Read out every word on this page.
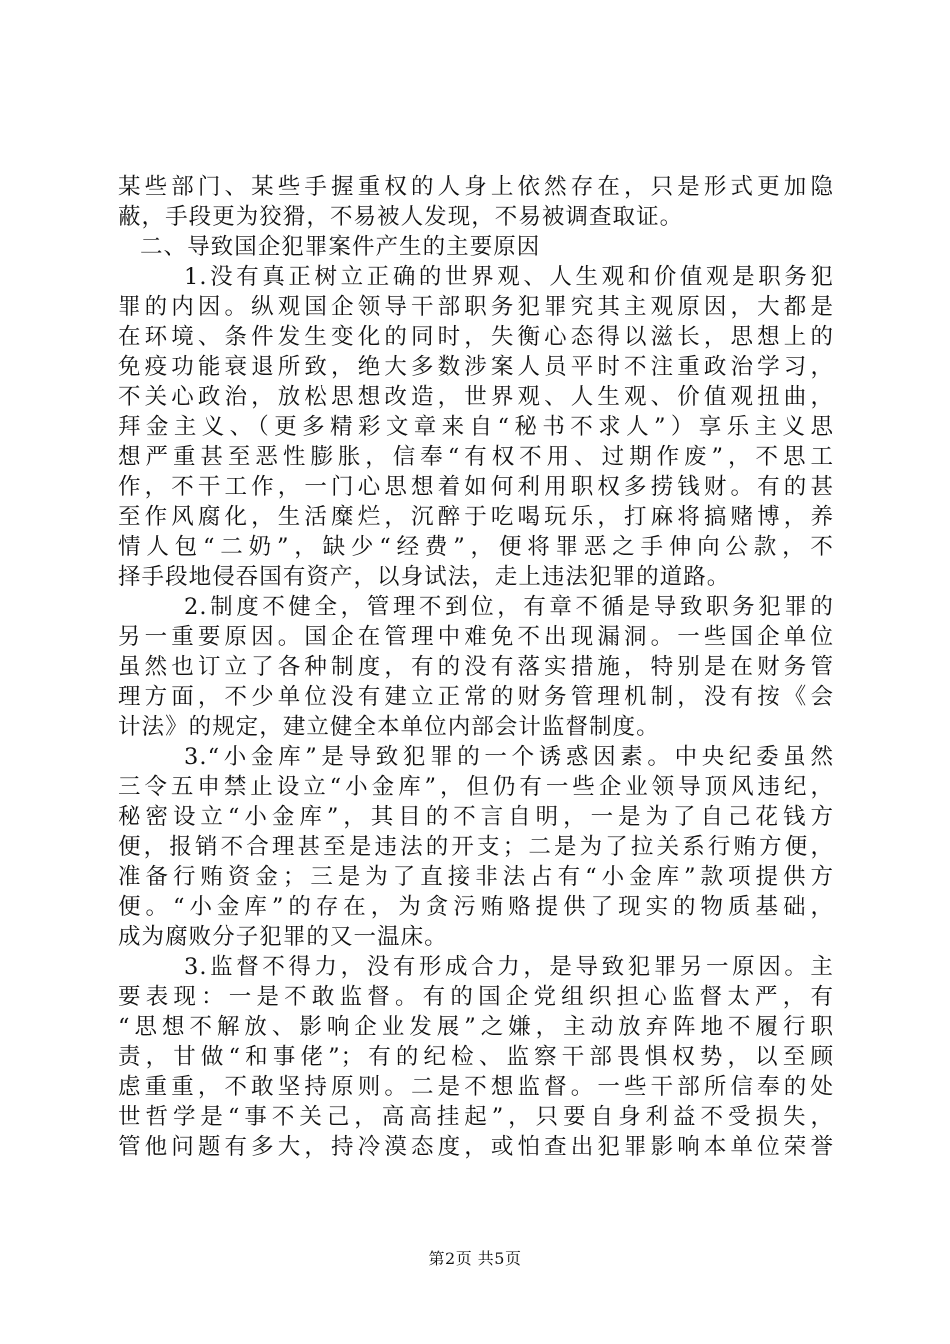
某些部门、某些手握重权的人身上依然存在，只是形式更加隐
蔽，手段更为狡猾，不易被人发现，不易被调查取证。
二、导致国企犯罪案件产生的主要原因
1.没有真正树立正确的世界观、人生观和价值观是职务犯
罪的内因。纵观国企领导干部职务犯罪究其主观原因，大都是
在环境、条件发生变化的同时，失衡心态得以滋长，思想上的
免疫功能衰退所致，绝大多数涉案人员平时不注重政治学习，
不关心政治，放松思想改造，世界观、人生观、价值观扭曲，
拜金主义、（更多精彩文章来自“秘书不求人”）享乐主义思
想严重甚至恶性膨胀，信奉“有权不用、过期作废”，不思工
作，不干工作，一门心思想着如何利用职权多捞钱财。有的甚
至作风腐化，生活糜烂，沉醉于吃喝玩乐，打麻将搞赌博，养
情人包“二奶”，缺少“经费”，便将罪恶之手伸向公款，不
择手段地侵吞国有资产，以身试法，走上违法犯罪的道路。
2.制度不健全，管理不到位，有章不循是导致职务犯罪的
另一重要原因。国企在管理中难免不出现漏洞。一些国企单位
虽然也订立了各种制度，有的没有落实措施，特别是在财务管
理方面，不少单位没有建立正常的财务管理机制，没有按《会
计法》的规定，建立健全本单位内部会计监督制度。
3.“小金库”是导致犯罪的一个诱惑因素。中央纪委虽然
三令五申禁止设立“小金库”，但仍有一些企业领导顶风违纪，
秘密设立“小金库”，其目的不言自明，一是为了自己花钱方
便，报销不合理甚至是违法的开支；二是为了拉关系行贿方便，
准备行贿资金；三是为了直接非法占有“小金库”款项提供方
便。“小金库”的存在，为贪污贿赂提供了现实的物质基础，
成为腐败分子犯罪的又一温床。
3.监督不得力，没有形成合力，是导致犯罪另一原因。主
要表现：一是不敢监督。有的国企党组织担心监督太严，有
“思想不解放、影响企业发展”之嫌，主动放弃阵地不履行职
责，甘做“和事佬”；有的纪检、监察干部畏惧权势，以至顾
虑重重，不敢坚持原则。二是不想监督。一些干部所信奉的处
世哲学是“事不关己，高高挂起”，只要自身利益不受损失，
管他问题有多大，持冷漠态度，或怕查出犯罪影响本单位荣誉
第2页 共5页
